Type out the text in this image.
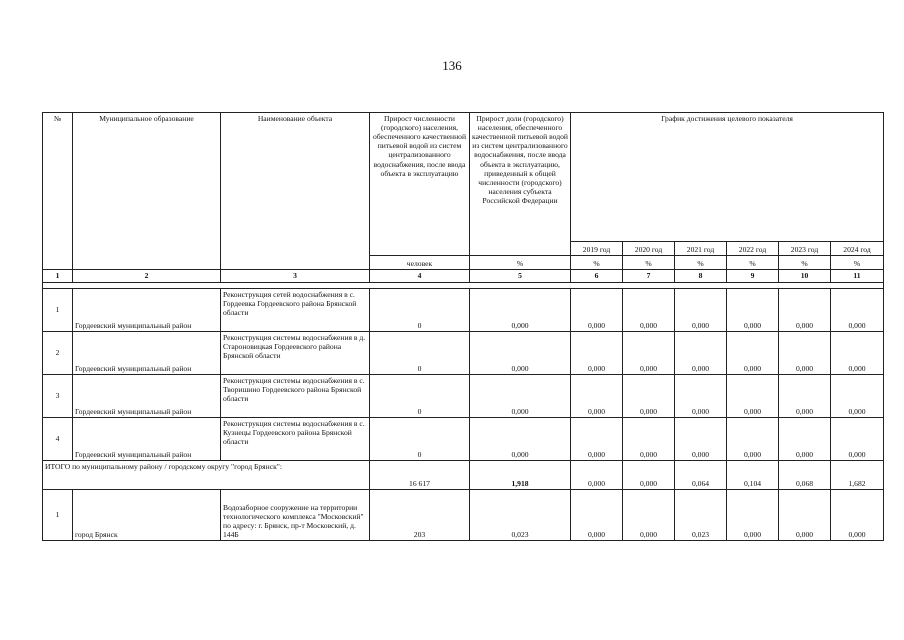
136
№	Муниципальное образование	Наименование объекта	Прирост численности (городского) населения, обеспеченного качественной питьевой водой из систем централизованного водоснабжения, после ввода объекта в эксплуатацию	Прирост доли (городского) населения, обеспеченного качественной питьевой водой из систем централизованного водоснабжения, после ввода объекта в эксплуатацию, приведенный к общей численности (городского) населения субъекта Российской Федерации	График достижения целевого показателя					
					2019 год	2020 год	2021 год	2022 год	2023 год	2024 год
			человек	%	%	%	%	%	%	%
1	2	3	4	5	6	7	8	9	10	11

1	Гордеевский муниципальный район	Реконструкция сетей водоснабжения в с. Гордеевка Гордеевского района Брянской области	0	0,000	0,000	0,000	0,000	0,000	0,000	0,000
2	Гордеевский муниципальный район	Реконструкция системы водоснабжения в д. Староновицкая Гордеевского района Брянской области	0	0,000	0,000	0,000	0,000	0,000	0,000	0,000
3	Гордеевский муниципальный район	Реконструкция системы водоснабжения в с. Творишино Гордеевского района Брянской области	0	0,000	0,000	0,000	0,000	0,000	0,000	0,000
4	Гордеевский муниципальный район	Реконструкция системы водоснабжения в с. Кузнецы Гордеевского района Брянской области	0	0,000	0,000	0,000	0,000	0,000	0,000	0,000
ИТОГО по муниципальному району / городскому округу "город Брянск":			16 617	1,918	0,000	0,000	0,064	0,104	0,068	1,682
1	город Брянск	Водозаборное сооружение на территории технологического комплекса "Московский" по адресу: г. Брянск, пр-т Московский, д. 144Б	203	0,023	0,000	0,000	0,023	0,000	0,000	0,000
